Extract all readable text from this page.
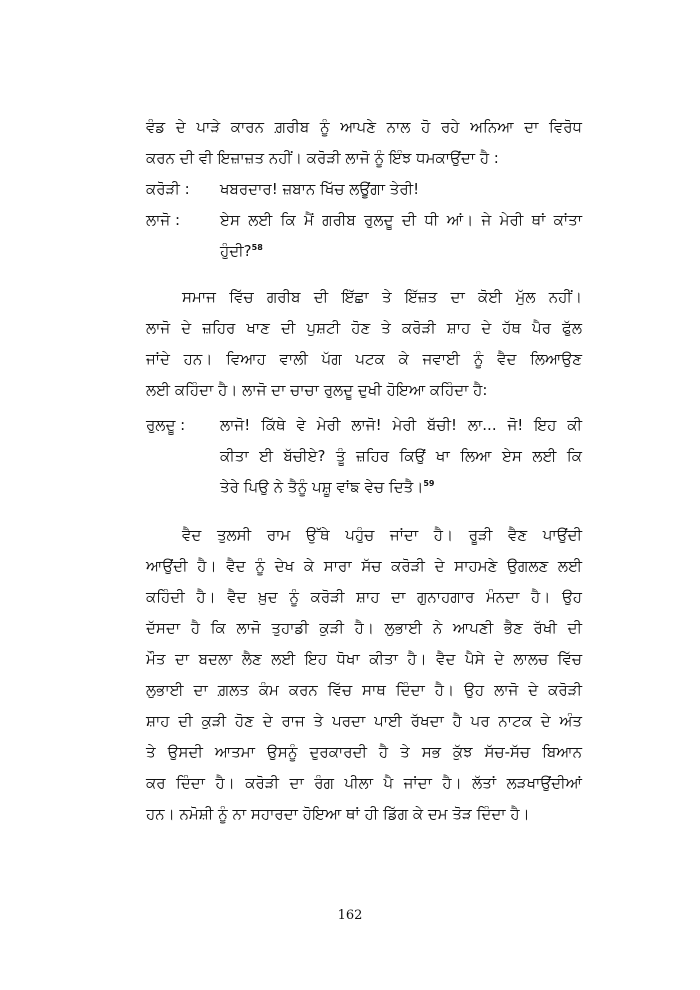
ਵੰਡ ਦੇ ਪਾੜੇ ਕਾਰਨ ਗ਼ਰੀਬ ਨੂੰ ਆਪਣੇ ਨਾਲ ਹੋ ਰਹੇ ਅਨਿਆ ਦਾ ਵਿਰੋਧ
ਕਰਨ ਦੀ ਵੀ ਇਜ਼ਾਜ਼ਤ ਨਹੀਂ। ਕਰੋੜੀ ਲਾਜੋ ਨੂੰ ਇੰਝ ਧਮਕਾਉਂਦਾ ਹੈ :
ਕਰੋੜੀ : ਖਬਰਦਾਰ! ਜ਼ਬਾਨ ਖਿੱਚ ਲਊਂਗਾ ਤੇਰੀ!
ਲਾਜੋ :	ਏਸ ਲਈ ਕਿ ਮੈਂ ਗਰੀਬ ਰੁਲਦੂ ਦੀ ਧੀ ਆਂ। ਜੇ ਮੇਰੀ ਥਾਂ ਕਾਂਤਾ
ਹੁੰਦੀ?$^{58}$
ਸਮਾਜ ਵਿੱਚ ਗਰੀਬ ਦੀ ਇੱਛਾ ਤੇ ਇੱਜ਼ਤ ਦਾ ਕੋਈ ਮੁੱਲ ਨਹੀਂ।
ਲਾਜੋ ਦੇ ਜ਼ਹਿਰ ਖਾਣ ਦੀ ਪੁਸ਼ਟੀ ਹੋਣ ਤੇ ਕਰੋੜੀ ਸ਼ਾਹ ਦੇ ਹੱਥ ਪੈਰ ਫੁੱਲ
ਜਾਂਦੇ ਹਨ। ਵਿਆਹ ਵਾਲੀ ਪੱਗ ਪਟਕ ਕੇ ਜਵਾਈ ਨੂੰ ਵੈਦ ਲਿਆਉਣ
ਲਈ ਕਹਿੰਦਾ ਹੈ। ਲਾਜੋ ਦਾ ਚਾਚਾ ਰੁਲਦੂ ਦੁਖੀ ਹੋਇਆ ਕਹਿੰਦਾ ਹੈ:
ਰੁਲਦੂ : ਲਾਜੋ! ਕਿੱਥੇ ਵੇ ਮੇਰੀ ਲਾਜੋ! ਮੇਰੀ ਬੱਚੀ! ਲਾ... ਜੋ! ਇਹ ਕੀ
ਕੀਤਾ ਈ ਬੱਚੀਏ? ਤੂੰ ਜ਼ਹਿਰ ਕਿਉਂ ਖਾ ਲਿਆ ਏਸ ਲਈ ਕਿ
ਤੇਰੇ ਪਿਉ ਨੇ ਤੈਨੂੰ ਪਸ਼ੂ ਵਾਂਙ ਵੇਚ ਦਿਤੈ।$^{59}$
ਵੈਦ ਤੁਲਸੀ ਰਾਮ ਉੱਥੇ ਪਹੁੰਚ ਜਾਂਦਾ ਹੈ। ਰੂੜੀ ਵੈਣ ਪਾਉਂਦੀ
ਆਉਂਦੀ ਹੈ। ਵੈਦ ਨੂੰ ਦੇਖ ਕੇ ਸਾਰਾ ਸੱਚ ਕਰੋੜੀ ਦੇ ਸਾਹਮਣੇ ਉਗਲਣ ਲਈ
ਕਹਿੰਦੀ ਹੈ। ਵੈਦ ਖ਼ੁਦ ਨੂੰ ਕਰੋੜੀ ਸ਼ਾਹ ਦਾ ਗੁਨਾਹਗਾਰ ਮੰਨਦਾ ਹੈ। ਉਹ
ਦੱਸਦਾ ਹੈ ਕਿ ਲਾਜੋ ਤੁਹਾਡੀ ਕੁੜੀ ਹੈ। ਲੁਭਾਈ ਨੇ ਆਪਣੀ ਭੈਣ ਰੱਖੀ ਦੀ
ਮੌਤ ਦਾ ਬਦਲਾ ਲੈਣ ਲਈ ਇਹ ਧੋਖਾ ਕੀਤਾ ਹੈ। ਵੈਦ ਪੈਸੇ ਦੇ ਲਾਲਚ ਵਿੱਚ
ਲੁਭਾਈ ਦਾ ਗ਼ਲਤ ਕੰਮ ਕਰਨ ਵਿੱਚ ਸਾਥ ਦਿੰਦਾ ਹੈ। ਉਹ ਲਾਜੋ ਦੇ ਕਰੋੜੀ
ਸ਼ਾਹ ਦੀ ਕੁੜੀ ਹੋਣ ਦੇ ਰਾਜ ਤੇ ਪਰਦਾ ਪਾਈ ਰੱਖਦਾ ਹੈ ਪਰ ਨਾਟਕ ਦੇ ਅੰਤ
ਤੇ ਉਸਦੀ ਆਤਮਾ ਉਸਨੂੰ ਦੁਰਕਾਰਦੀ ਹੈ ਤੇ ਸਭ ਕੁੱਝ ਸੱਚ-ਸੱਚ ਬਿਆਨ
ਕਰ ਦਿੰਦਾ ਹੈ। ਕਰੋੜੀ ਦਾ ਰੰਗ ਪੀਲਾ ਪੈ ਜਾਂਦਾ ਹੈ। ਲੱਤਾਂ ਲੜਖਾਉਂਦੀਆਂ
ਹਨ। ਨਮੋਸ਼ੀ ਨੂੰ ਨਾ ਸਹਾਰਦਾ ਹੋਇਆ ਥਾਂ ਹੀ ਡਿੱਗ ਕੇ ਦਮ ਤੋੜ ਦਿੰਦਾ ਹੈ।
162
